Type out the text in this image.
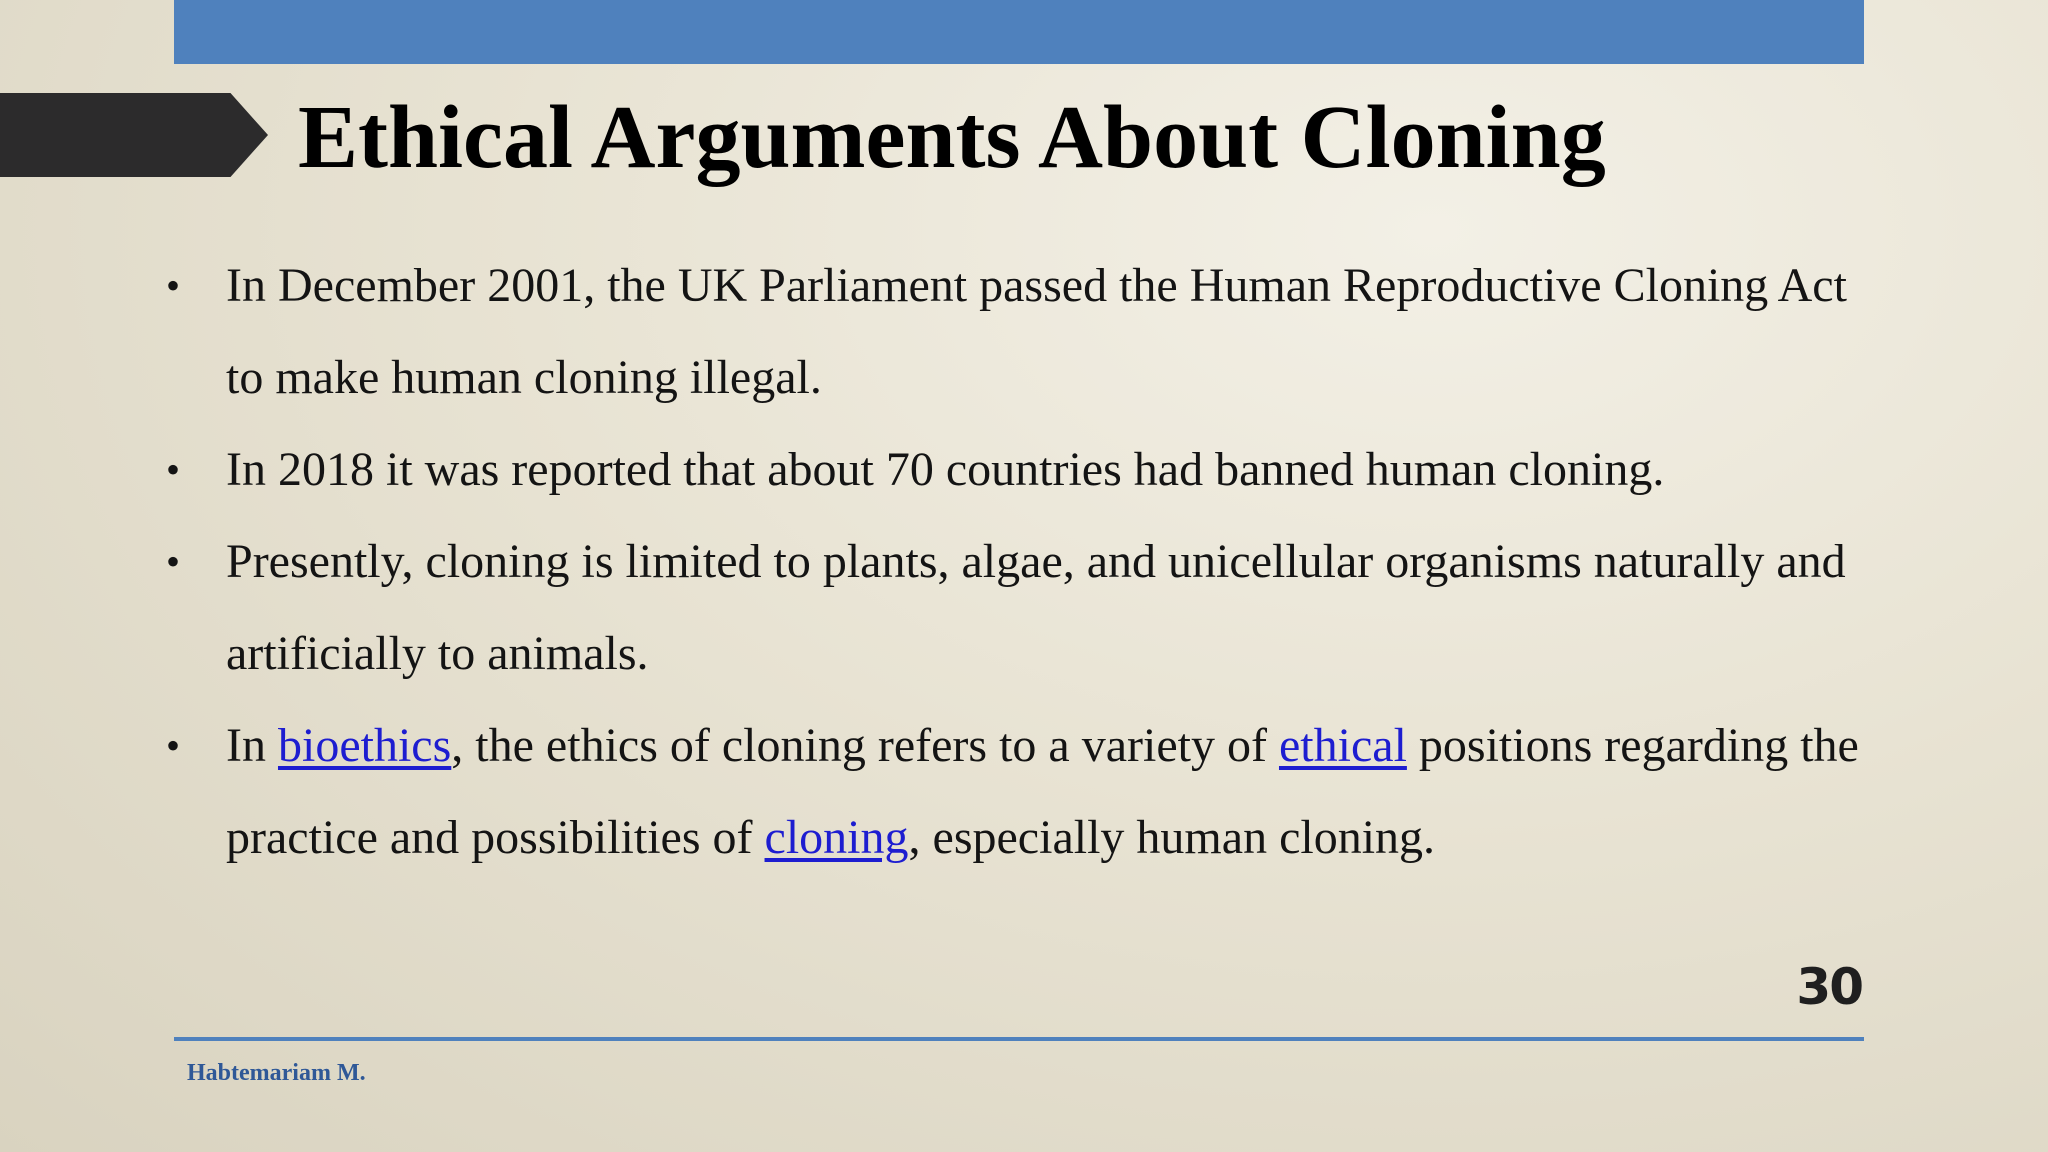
Ethical Arguments About Cloning
• In December 2001, the UK Parliament passed the Human Reproductive Cloning Act to make human cloning illegal.
• In 2018 it was reported that about 70 countries had banned human cloning.
• Presently, cloning is limited to plants, algae, and unicellular organisms naturally and artificially to animals.
• In bioethics, the ethics of cloning refers to a variety of ethical positions regarding the practice and possibilities of cloning, especially human cloning.
30
Habtemariam M.
